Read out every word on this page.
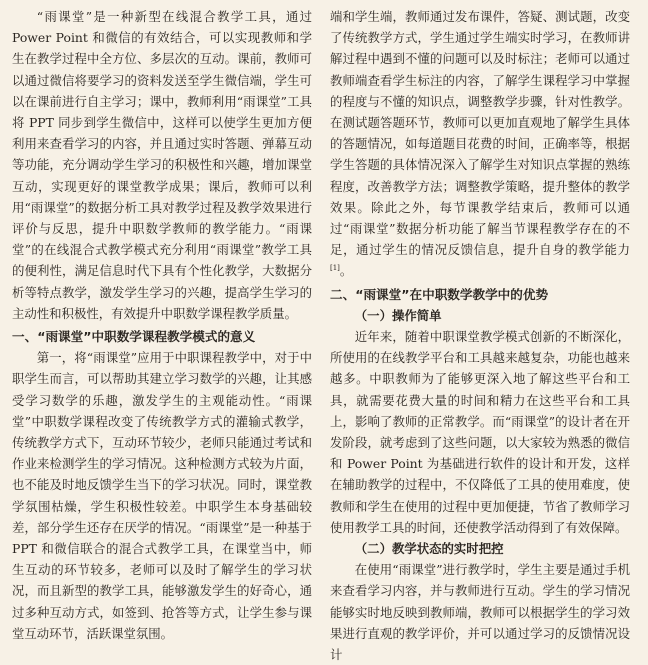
“雨课堂”是一种新型在线混合教学工具，通过 Power Point 和微信的有效结合，可以实现教师和学生在教学过程中全方位、多层次的互动。课前，教师可以通过微信将要学习的资料发送至学生微信端，学生可以在课前进行自主学习；课中，教师利用“雨课堂”工具将 PPT 同步到学生微信中，这样可以使学生更加方便利用来查看学习的内容，并且通过实时答题、弹幕互动等功能，充分调动学生学习的积极性和兴趣，增加课堂互动，实现更好的课堂教学成果；课后，教师可以利用“雨课堂”的数据分析工具对教学过程及教学效果进行评价与反思，提升中职数学教师的教学能力。“雨课堂”的在线混合式教学模式充分利用“雨课堂”教学工具的便利性，满足信息时代下具有个性化教学，大数据分析等特点教学，激发学生学习的兴趣，提高学生学习的主动性和积极性，有效提升中职数学课程教学质量。

一、“雨课堂”中职数学课程教学模式的意义

第一，将“雨课堂”应用于中职课程教学中，对于中职学生而言，可以帮助其建立学习数学的兴趣，让其感受学习数学的乐趣，激发学生的主观能动性。“雨课堂”中职数学课程改变了传统教学方式的灌输式教学，传统教学方式下，互动环节较少，老师只能通过考试和作业来检测学生的学习情况。这种检测方式较为片面，也不能及时地反馈学生当下的学习状况。同时，课堂教学氛围枯燥，学生积极性较差。中职学生本身基础较差，部分学生还存在厌学的情况。“雨课堂”是一种基于 PPT 和微信联合的混合式教学工具，在课堂当中，师生互动的环节较多，老师可以及时了解学生的学习状况，而且新型的教学工具，能够激发学生的好奇心，通过多种互动方式，如签到、抢答等方式，让学生参与课堂互动环节，活跃课堂氛围。

端和学生端，教师通过发布课件，答疑、测试题，改变了传统教学方式，学生通过学生端实时学习，在教师讲解过程中遇到不懂的问题可以及时标注；老师可以通过教师端查看学生标注的内容，了解学生课程学习中掌握的程度与不懂的知识点，调整教学步骤，针对性教学。在测试题答题环节，教师可以更加直观地了解学生具体的答题情况，如每道题目花费的时间，正确率等，根据学生答题的具体情况深入了解学生对知识点掌握的熟练程度，改善教学方法；调整教学策略，提升整体的教学效果。除此之外，每节课教学结束后，教师可以通过“雨课堂”数据分析功能了解当节课程教学存在的不足，通过学生的情况反馈信息，提升自身的教学能力[1]。

二、“雨课堂”在中职数学教学中的优势
（一）操作简单

近年来，随着中职课堂教学模式创新的不断深化，所使用的在线教学平台和工具越来越复杂，功能也越来越多。中职教师为了能够更深入地了解这些平台和工具，就需要花费大量的时间和精力在这些平台和工具上，影响了教师的正常教学。而“雨课堂”的设计者在开发阶段，就考虑到了这些问题，以大家较为熟悉的微信和 Power Point 为基础进行软件的设计和开发，这样在辅助教学的过程中，不仅降低了工具的使用难度，使教师和学生在使用的过程中更加便捷，节省了教师学习使用教学工具的时间，还使教学活动得到了有效保障。

（二）教学状态的实时把控

在使用“雨课堂”进行教学时，学生主要是通过手机来查看学习内容，并与教师进行互动。学生的学习情况能够实时地反映到教师端，教师可以根据学生的学习效果进行直观的教学评价，并可以通过学习的反馈情况设计
